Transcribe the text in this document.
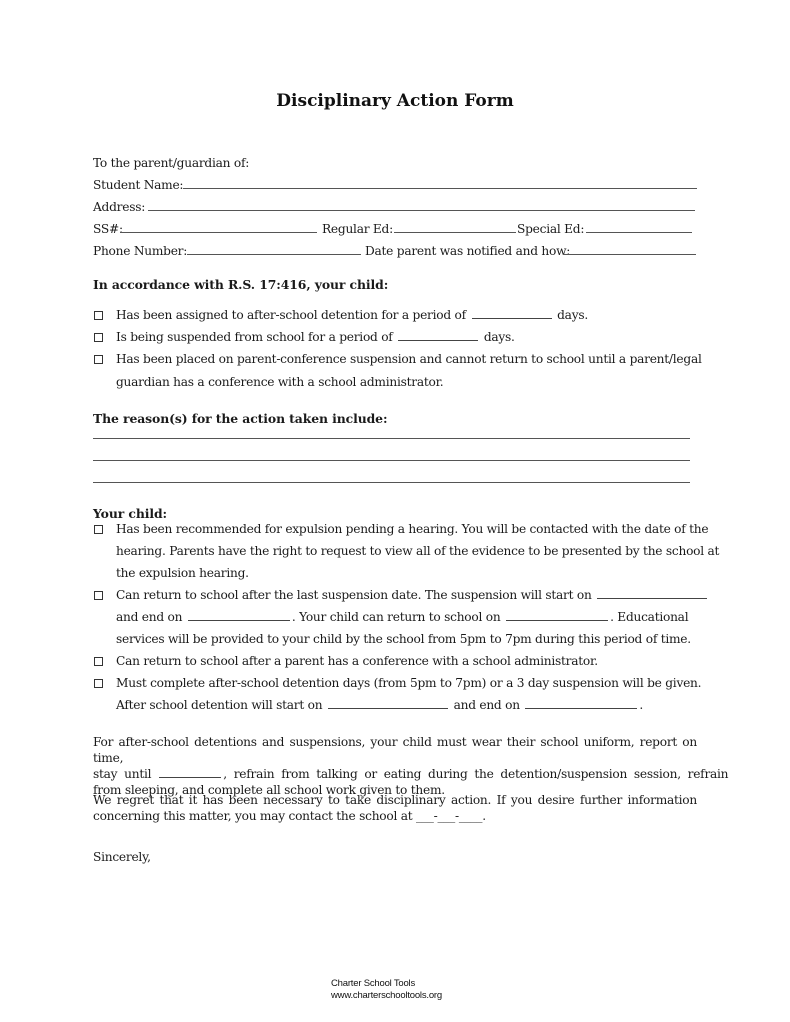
Disciplinary Action Form
To the parent/guardian of:
Student Name:
Address:
SS#:	Regular Ed:	Special Ed:
Phone Number:	Date parent was notified and how:
In accordance with R.S. 17:416, your child:
Has been assigned to after-school detention for a period of	days.
Is being suspended from school for a period of	days.
Has been placed on parent-conference suspension and cannot return to school until a parent/legal
guardian has a conference with a school administrator.
The reason(s) for the action taken include:
Your child:
Has been recommended for expulsion pending a hearing. You will be contacted with the date of the
hearing. Parents have the right to request to view all of the evidence to be presented by the school at
the expulsion hearing.
Can return to school after the last suspension date. The suspension will start on
and end on	. Your child can return to school on	. Educational
services will be provided to your child by the school from 5pm to 7pm during this period of time.
Can return to school after a parent has a conference with a school administrator.
Must complete after-school detention days (from 5pm to 7pm) or a 3 day suspension will be given.
After school detention will start on	and end on	.
For after-school detentions and suspensions, your child must wear their school uniform, report on time,
stay until	, refrain from talking or eating during the detention/suspension session, refrain
from sleeping, and complete all school work given to them.
We regret that it has been necessary to take disciplinary action. If you desire further information
concerning this matter, you may contact the school at ___-___-____.
Sincerely,
Charter School Tools
www.charterschooltools.org
